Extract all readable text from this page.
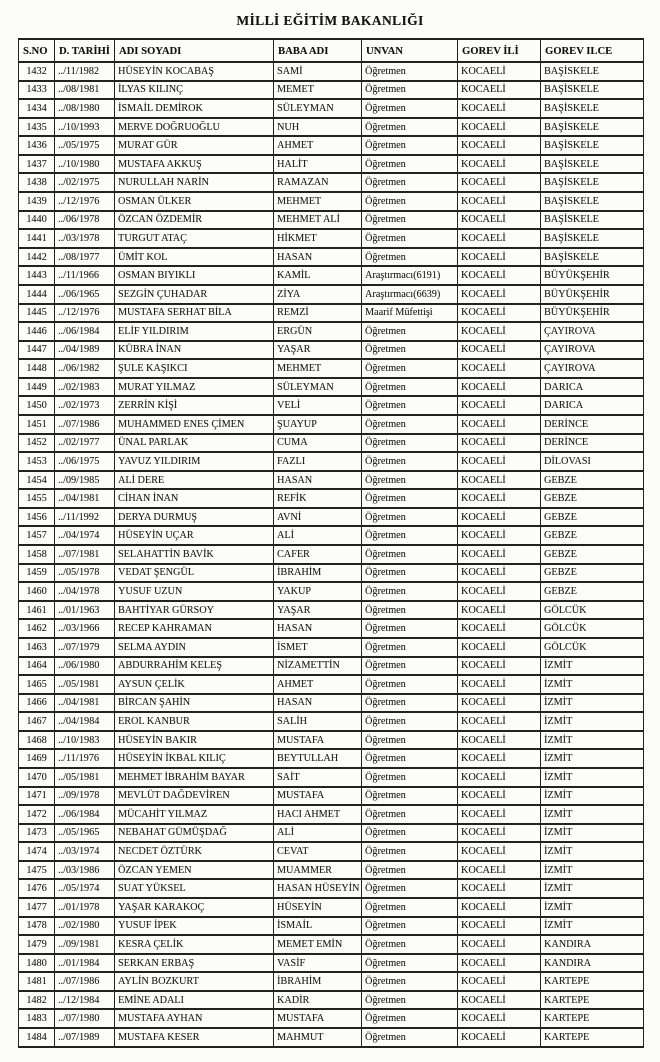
MİLLİ EĞİTİM BAKANLIĞI
S.NO	D. TARİHİ	ADI SOYADI	BABA ADI	UNVAN	GOREV İLİ	GOREV ILCE
1432	../11/1982	HÜSEYİN KOCABAŞ	SAMİ	Öğretmen	KOCAELİ	BAŞİSKELE
1433	../08/1981	İLYAS KILINÇ	MEMET	Öğretmen	KOCAELİ	BAŞİSKELE
1434	../08/1980	İSMAİL DEMİROK	SÜLEYMAN	Öğretmen	KOCAELİ	BAŞİSKELE
1435	../10/1993	MERVE DOĞRUOĞLU	NUH	Öğretmen	KOCAELİ	BAŞİSKELE
1436	../05/1975	MURAT GÜR	AHMET	Öğretmen	KOCAELİ	BAŞİSKELE
1437	../10/1980	MUSTAFA AKKUŞ	HALİT	Öğretmen	KOCAELİ	BAŞİSKELE
1438	../02/1975	NURULLAH NARİN	RAMAZAN	Öğretmen	KOCAELİ	BAŞİSKELE
1439	../12/1976	OSMAN ÜLKER	MEHMET	Öğretmen	KOCAELİ	BAŞİSKELE
1440	../06/1978	ÖZCAN ÖZDEMİR	MEHMET ALİ	Öğretmen	KOCAELİ	BAŞİSKELE
1441	../03/1978	TURGUT ATAÇ	HİKMET	Öğretmen	KOCAELİ	BAŞİSKELE
1442	../08/1977	ÜMİT KOL	HASAN	Öğretmen	KOCAELİ	BAŞİSKELE
1443	../11/1966	OSMAN BIYIKLI	KAMİL	Araştırmacı(6191)	KOCAELİ	BÜYÜKŞEHİR
1444	../06/1965	SEZGİN ÇUHADAR	ZİYA	Araştırmacı(6639)	KOCAELİ	BÜYÜKŞEHİR
1445	../12/1976	MUSTAFA SERHAT BİLA	REMZİ	Maarif Müfettişi	KOCAELİ	BÜYÜKŞEHİR
1446	../06/1984	ELİF YILDIRIM	ERGÜN	Öğretmen	KOCAELİ	ÇAYIROVA
1447	../04/1989	KÜBRA İNAN	YAŞAR	Öğretmen	KOCAELİ	ÇAYIROVA
1448	../06/1982	ŞULE KAŞIKCI	MEHMET	Öğretmen	KOCAELİ	ÇAYIROVA
1449	../02/1983	MURAT YILMAZ	SÜLEYMAN	Öğretmen	KOCAELİ	DARICA
1450	../02/1973	ZERRİN KİŞİ	VELİ	Öğretmen	KOCAELİ	DARICA
1451	../07/1986	MUHAMMED ENES ÇİMEN	ŞUAYUP	Öğretmen	KOCAELİ	DERİNCE
1452	../02/1977	ÜNAL PARLAK	CUMA	Öğretmen	KOCAELİ	DERİNCE
1453	../06/1975	YAVUZ YILDIRIM	FAZLI	Öğretmen	KOCAELİ	DİLOVASI
1454	../09/1985	ALİ DERE	HASAN	Öğretmen	KOCAELİ	GEBZE
1455	../04/1981	CİHAN İNAN	REFİK	Öğretmen	KOCAELİ	GEBZE
1456	../11/1992	DERYA DURMUŞ	AVNİ	Öğretmen	KOCAELİ	GEBZE
1457	../04/1974	HÜSEYİN UÇAR	ALİ	Öğretmen	KOCAELİ	GEBZE
1458	../07/1981	SELAHATTİN BAVİK	CAFER	Öğretmen	KOCAELİ	GEBZE
1459	../05/1978	VEDAT ŞENGÜL	İBRAHİM	Öğretmen	KOCAELİ	GEBZE
1460	../04/1978	YUSUF UZUN	YAKUP	Öğretmen	KOCAELİ	GEBZE
1461	../01/1963	BAHTİYAR GÜRSOY	YAŞAR	Öğretmen	KOCAELİ	GÖLCÜK
1462	../03/1966	RECEP KAHRAMAN	HASAN	Öğretmen	KOCAELİ	GÖLCÜK
1463	../07/1979	SELMA AYDIN	İSMET	Öğretmen	KOCAELİ	GÖLCÜK
1464	../06/1980	ABDURRAHİM KELEŞ	NİZAMETTİN	Öğretmen	KOCAELİ	İZMİT
1465	../05/1981	AYSUN ÇELİK	AHMET	Öğretmen	KOCAELİ	İZMİT
1466	../04/1981	BİRCAN ŞAHİN	HASAN	Öğretmen	KOCAELİ	İZMİT
1467	../04/1984	EROL KANBUR	SALİH	Öğretmen	KOCAELİ	İZMİT
1468	../10/1983	HÜSEYİN BAKIR	MUSTAFA	Öğretmen	KOCAELİ	İZMİT
1469	../11/1976	HÜSEYİN İKBAL KILIÇ	BEYTULLAH	Öğretmen	KOCAELİ	İZMİT
1470	../05/1981	MEHMET İBRAHİM BAYAR	SAİT	Öğretmen	KOCAELİ	İZMİT
1471	../09/1978	MEVLÜT DAĞDEVİREN	MUSTAFA	Öğretmen	KOCAELİ	İZMİT
1472	../06/1984	MÜCAHİT YILMAZ	HACI AHMET	Öğretmen	KOCAELİ	İZMİT
1473	../05/1965	NEBAHAT GÜMÜŞDAĞ	ALİ	Öğretmen	KOCAELİ	İZMİT
1474	../03/1974	NECDET ÖZTÜRK	CEVAT	Öğretmen	KOCAELİ	İZMİT
1475	../03/1986	ÖZCAN YEMEN	MUAMMER	Öğretmen	KOCAELİ	İZMİT
1476	../05/1974	SUAT YÜKSEL	HASAN HÜSEYİN	Öğretmen	KOCAELİ	İZMİT
1477	../01/1978	YAŞAR KARAKOÇ	HÜSEYİN	Öğretmen	KOCAELİ	İZMİT
1478	../02/1980	YUSUF İPEK	İSMAİL	Öğretmen	KOCAELİ	İZMİT
1479	../09/1981	KESRA ÇELİK	MEMET EMİN	Öğretmen	KOCAELİ	KANDIRA
1480	../01/1984	SERKAN ERBAŞ	VASİF	Öğretmen	KOCAELİ	KANDIRA
1481	../07/1986	AYLİN BOZKURT	İBRAHİM	Öğretmen	KOCAELİ	KARTEPE
1482	../12/1984	EMİNE ADALI	KADİR	Öğretmen	KOCAELİ	KARTEPE
1483	../07/1980	MUSTAFA AYHAN	MUSTAFA	Öğretmen	KOCAELİ	KARTEPE
1484	../07/1989	MUSTAFA KESER	MAHMUT	Öğretmen	KOCAELİ	KARTEPE
